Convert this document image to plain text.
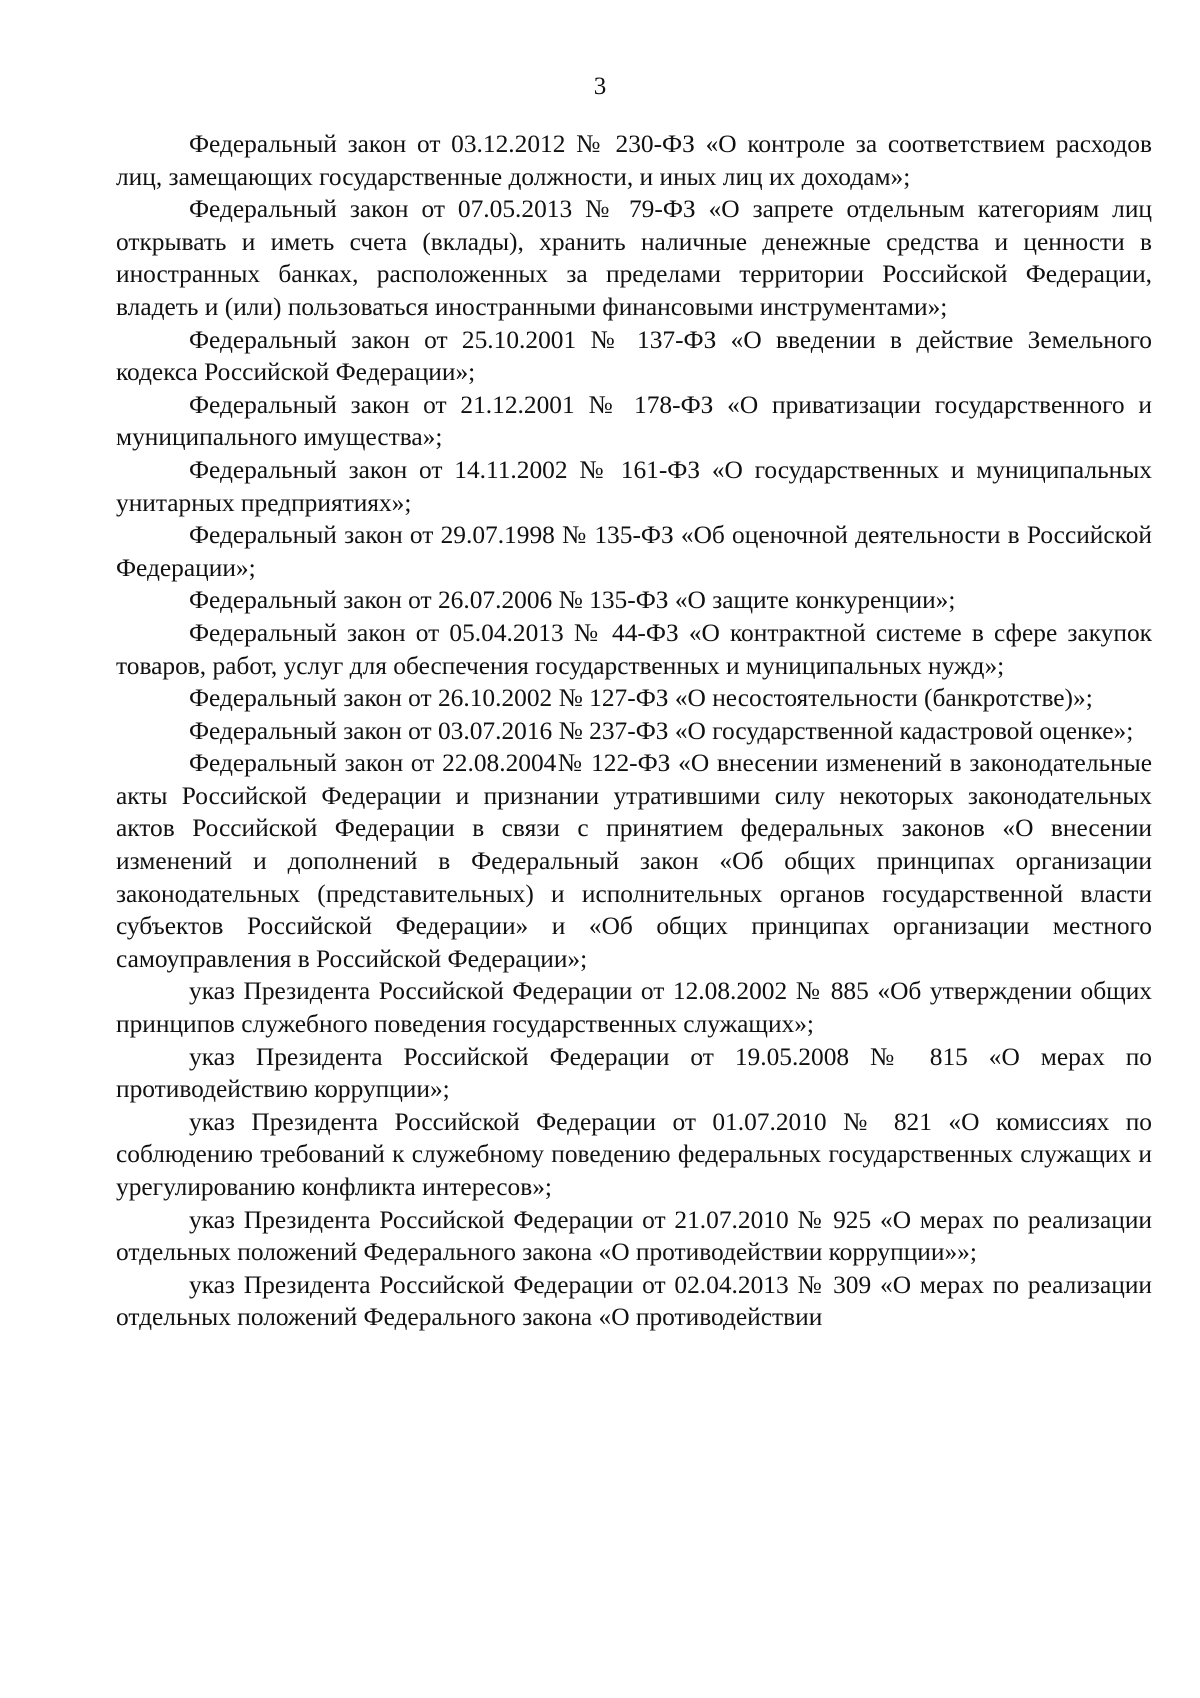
3

Федеральный закон от 03.12.2012 № 230-ФЗ «О контроле за соответствием расходов лиц, замещающих государственные должности, и иных лиц их доходам»;

Федеральный закон от 07.05.2013 № 79-ФЗ «О запрете отдельным категориям лиц открывать и иметь счета (вклады), хранить наличные денежные средства и ценности в иностранных банках, расположенных за пределами территории Российской Федерации, владеть и (или) пользоваться иностранными финансовыми инструментами»;

Федеральный закон от 25.10.2001 № 137-ФЗ «О введении в действие Земельного кодекса Российской Федерации»;

Федеральный закон от 21.12.2001 № 178-ФЗ «О приватизации государственного и муниципального имущества»;

Федеральный закон от 14.11.2002 № 161-ФЗ «О государственных и муниципальных унитарных предприятиях»;

Федеральный закон от 29.07.1998 № 135-ФЗ «Об оценочной деятельности в Российской Федерации»;

Федеральный закон от 26.07.2006 № 135-ФЗ «О защите конкуренции»;

Федеральный закон от 05.04.2013 № 44-ФЗ «О контрактной системе в сфере закупок товаров, работ, услуг для обеспечения государственных и муниципальных нужд»;

Федеральный закон от 26.10.2002 № 127-ФЗ «О несостоятельности (банкротстве)»;

Федеральный закон от 03.07.2016 № 237-ФЗ «О государственной кадастровой оценке»;

Федеральный закон от 22.08.2004№ 122-ФЗ «О внесении изменений в законодательные акты Российской Федерации и признании утратившими силу некоторых законодательных актов Российской Федерации в связи с принятием федеральных законов «О внесении изменений и дополнений в Федеральный закон «Об общих принципах организации законодательных (представительных) и исполнительных органов государственной власти субъектов Российской Федерации» и «Об общих принципах организации местного самоуправления в Российской Федерации»;

указ Президента Российской Федерации от 12.08.2002 № 885 «Об утверждении общих принципов служебного поведения государственных служащих»;

указ Президента Российской Федерации от 19.05.2008 № 815 «О мерах по противодействию коррупции»;

указ Президента Российской Федерации от 01.07.2010 № 821 «О комиссиях по соблюдению требований к служебному поведению федеральных государственных служащих и урегулированию конфликта интересов»;

указ Президента Российской Федерации от 21.07.2010 № 925 «О мерах по реализации отдельных положений Федерального закона «О противодействии коррупции»»;

указ Президента Российской Федерации от 02.04.2013 № 309 «О мерах по реализации отдельных положений Федерального закона «О противодействии
